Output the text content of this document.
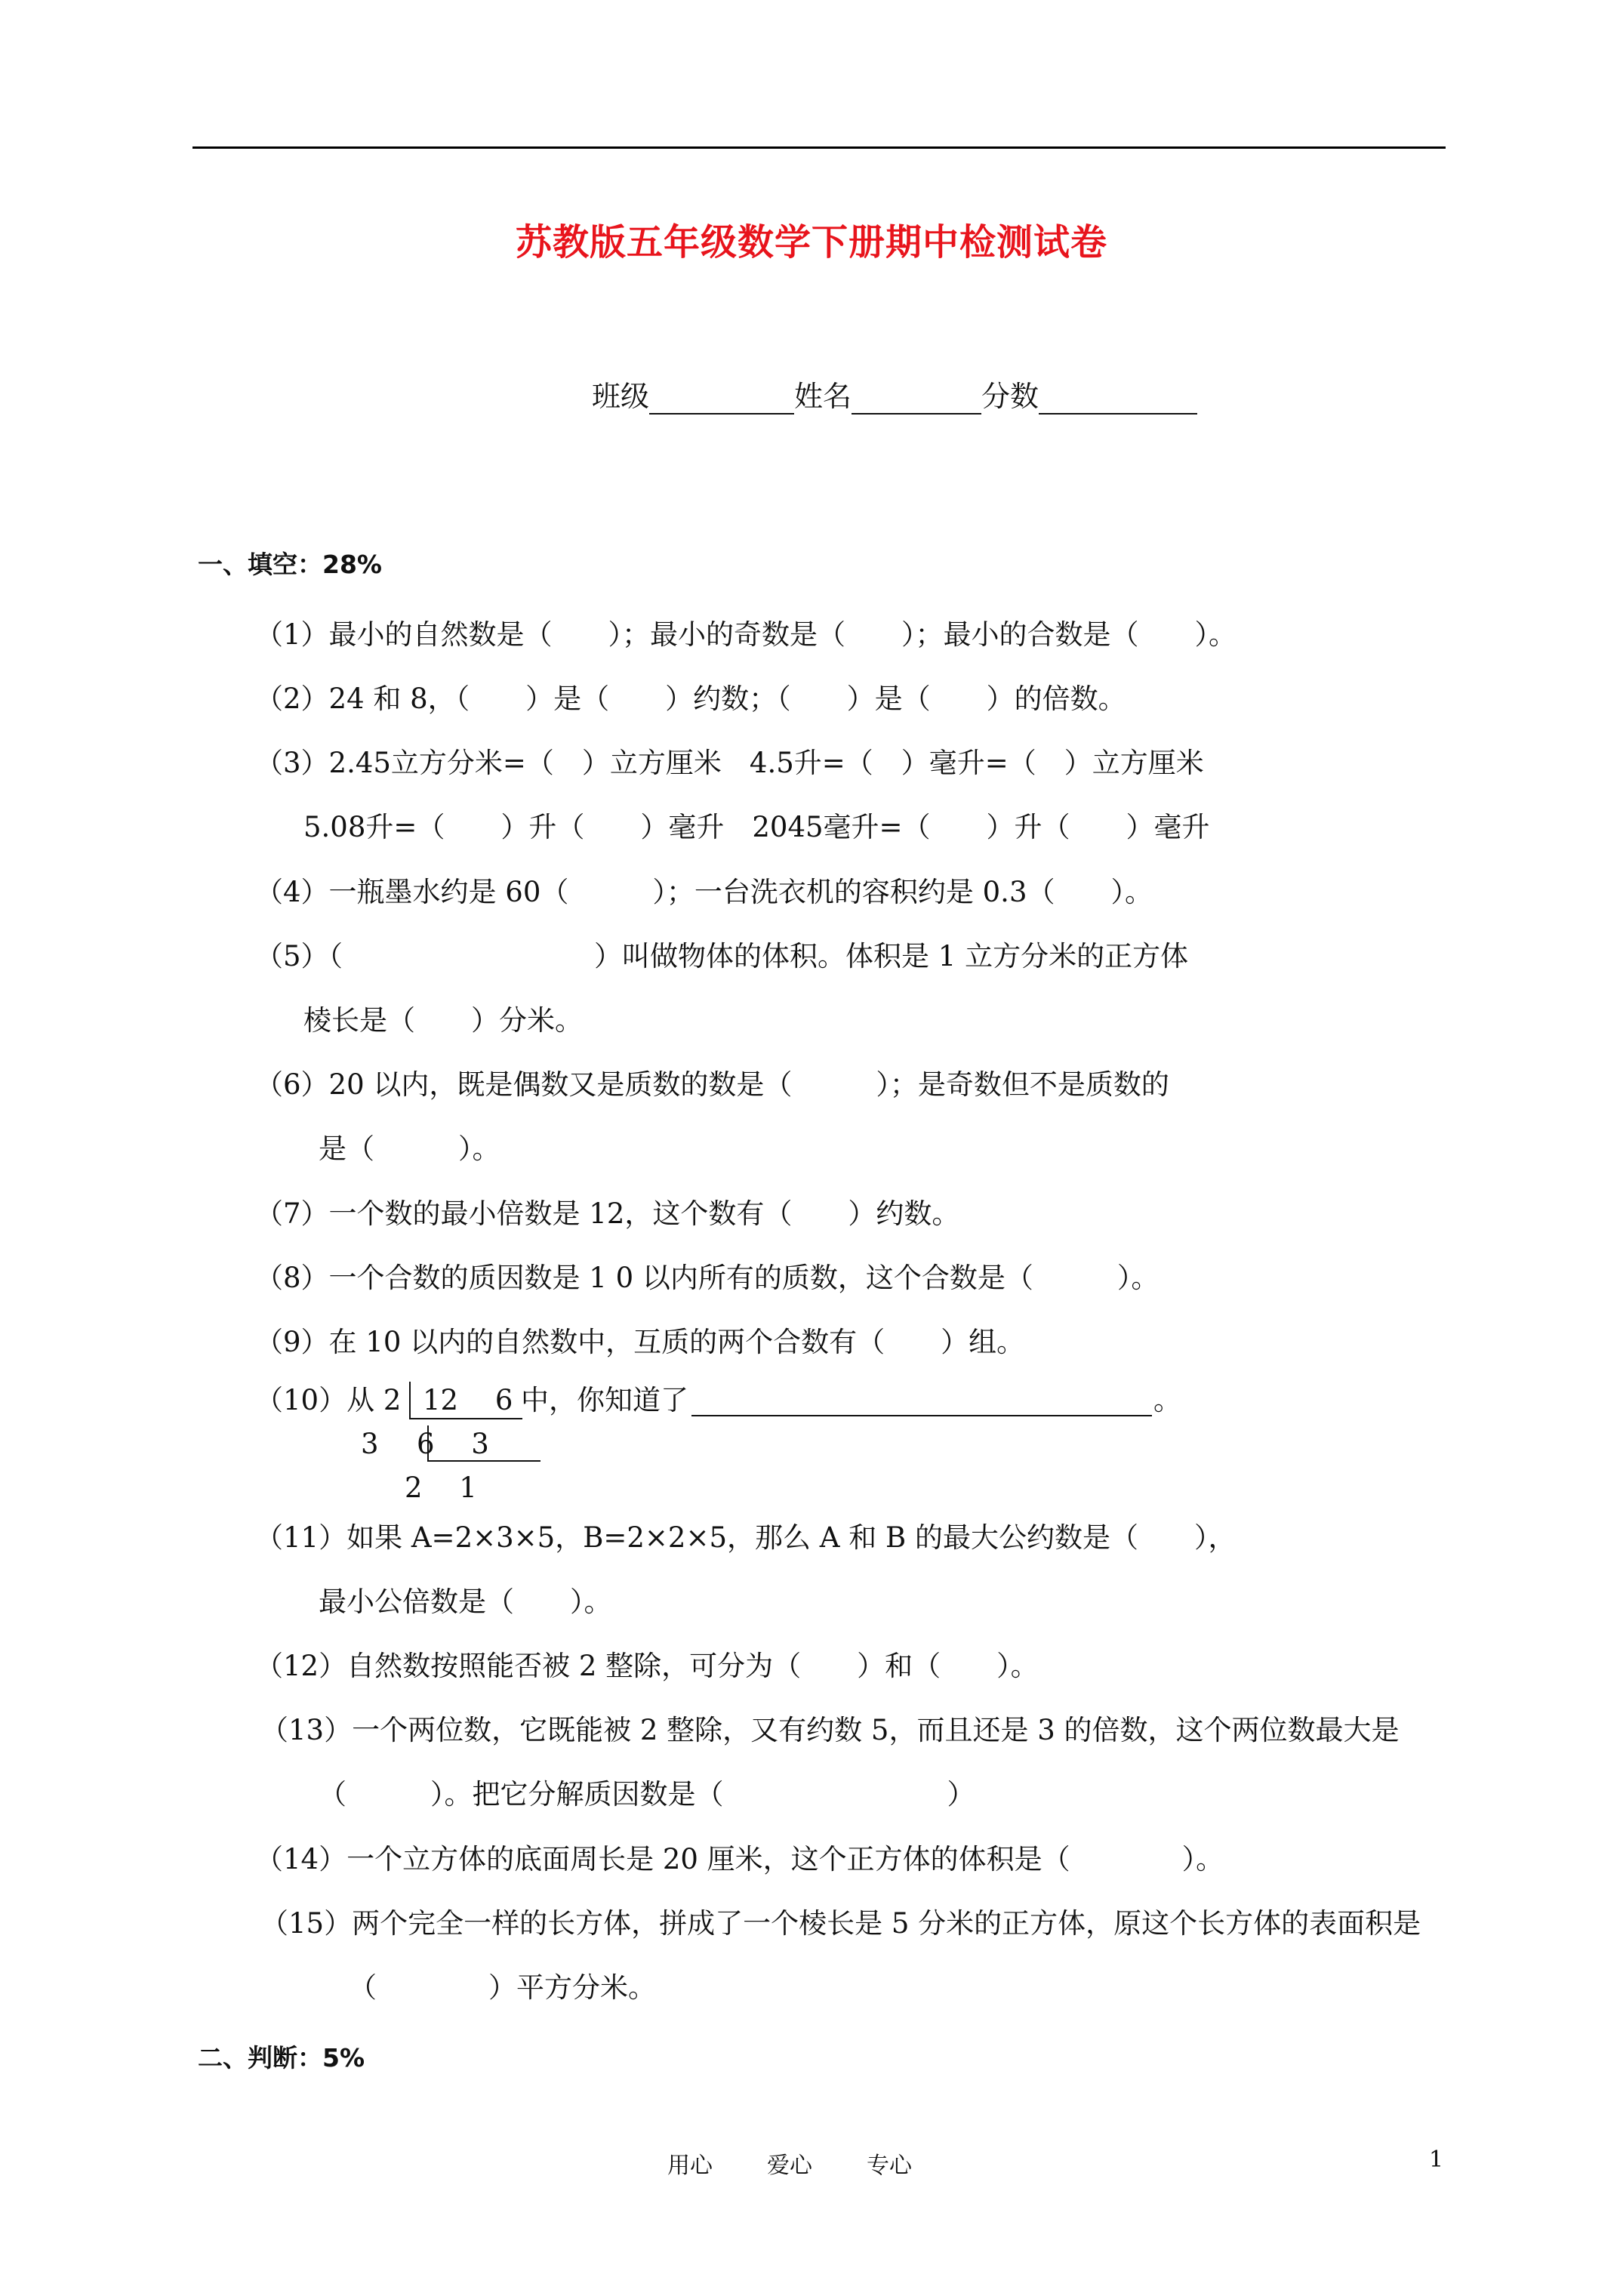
苏教版五年级数学下册期中检测试卷
班级	姓名	分数
一、填空：28%
（1）最小的自然数是（　　）；最小的奇数是（　　）；最小的合数是（　　）。
（2）24 和 8，（　　）是（　　）约数；（　　）是（　　）的倍数。
（3）2.45立方分米=（　）立方厘米　4.5升=（　）毫升=（　）立方厘米
5.08升=（　　）升（　　）毫升　2045毫升=（　　）升（　　）毫升
（4）一瓶墨水约是 60（　　　）；一台洗衣机的容积约是 0.3（　　）。
（5）（　　　　　　　　　）叫做物体的体积。体积是 1 立方分米的正方体
棱长是（　　）分米。
（6）20 以内，既是偶数又是质数的数是（　　　）；是奇数但不是质数的
是（　　　）。
（7）一个数的最小倍数是 12，这个数有（　　）约数。
（8）一个合数的质因数是 1 0 以内所有的质数，这个合数是（　　　）。
（9）在 10 以内的自然数中，互质的两个合数有（　　）组。
（10）从 2 12　 6 中，你知道了	。
3 6　 3
2　 1
（11）如果 A=2×3×5，B=2×2×5，那么 A 和 B 的最大公约数是（　　），
最小公倍数是（　　）。
（12）自然数按照能否被 2 整除，可分为（　　）和（　　）。
（13）一个两位数，它既能被 2 整除，又有约数 5，而且还是 3 的倍数，这个两位数最大是
（　　　）。把它分解质因数是（　　　　　　　　）
（14）一个立方体的底面周长是 20 厘米，这个正方体的体积是（　　　　）。
（15）两个完全一样的长方体，拼成了一个棱长是 5 分米的正方体，原这个长方体的表面积是
（　　　　）平方分米。
二、判断：5%
用心 爱心 专心	1
